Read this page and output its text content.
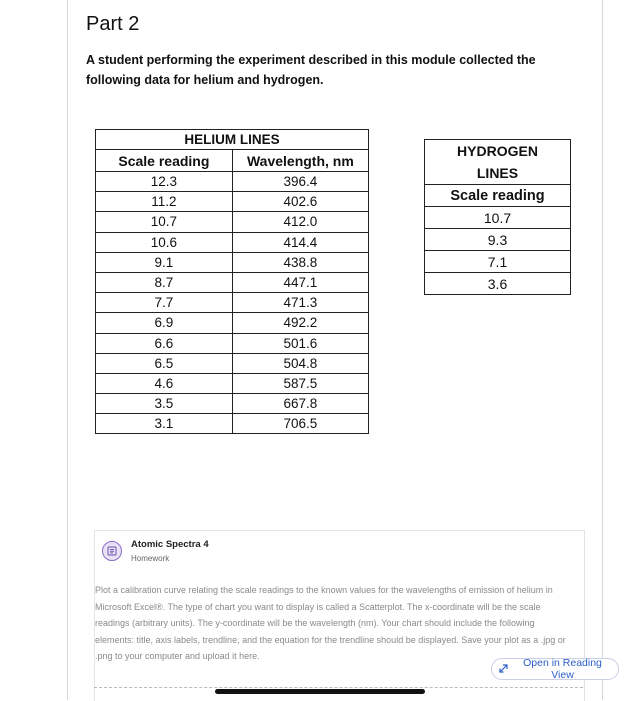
Part 2
A student performing the experiment described in this module collected the following data for helium and hydrogen.
HELIUM LINES	
Scale reading	Wavelength, nm
12.3	396.4
11.2	402.6
10.7	412.0
10.6	414.4
9.1	438.8
8.7	447.1
7.7	471.3
6.9	492.2
6.6	501.6
6.5	504.8
4.6	587.5
3.5	667.8
3.1	706.5
HYDROGEN
LINES
Scale reading
10.7
9.3
7.1
3.6
Atomic Spectra 4
Homework
Plot a calibration curve relating the scale readings to the known values for the wavelengths of emission of helium in Microsoft Excel®. The type of chart you want to display is called a Scatterplot. The x-coordinate will be the scale readings (arbitrary units). The y-coordinate will be the wavelength (nm). Your chart should include the following elements: title, axis labels, trendline, and the equation for the trendline should be displayed. Save your plot as a .jpg or .png to your computer and upload it here.
Open in Reading View
